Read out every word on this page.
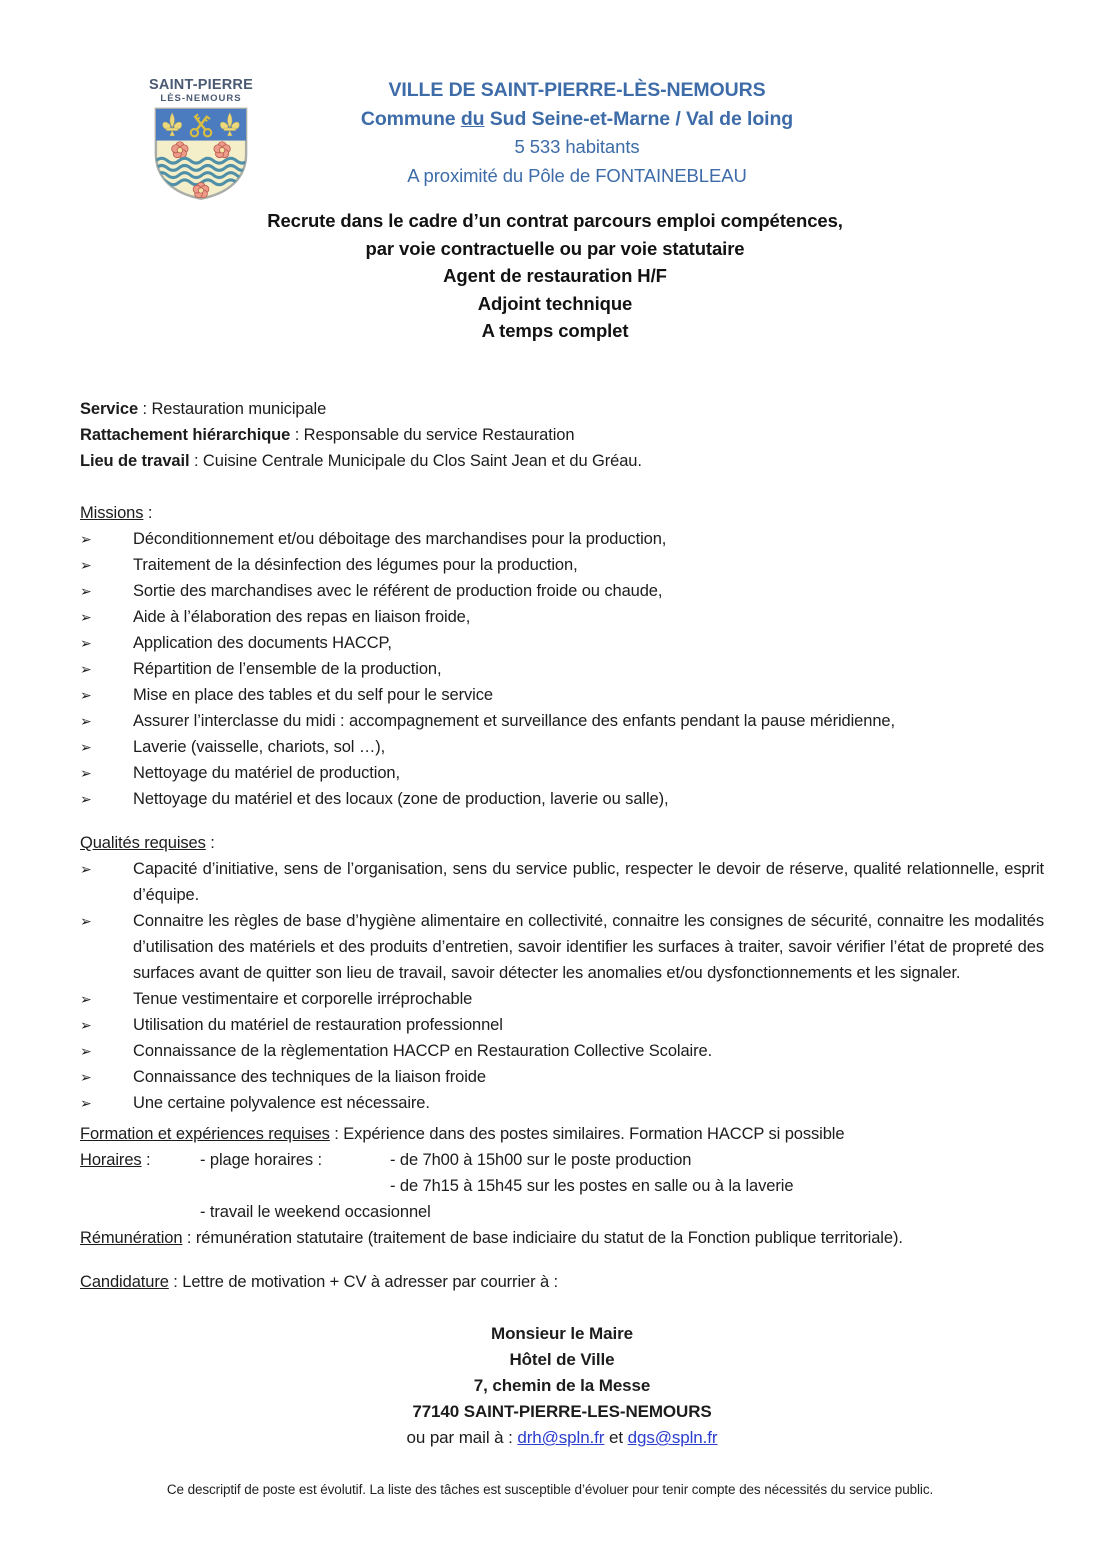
SAINT-PIERRE
LÈS-NEMOURS	VILLE DE SAINT-PIERRE-LÈS-NEMOURS
Commune du Sud Seine-et-Marne / Val de loing
5 533 habitants
A proximité du Pôle de FONTAINEBLEAU
Recrute dans le cadre d’un contrat parcours emploi compétences,
par voie contractuelle ou par voie statutaire
Agent de restauration H/F
Adjoint technique
A temps complet
Service : Restauration municipale
Rattachement hiérarchique : Responsable du service Restauration
Lieu de travail : Cuisine Centrale Municipale du Clos Saint Jean et du Gréau.
Missions :
➢	Déconditionnement et/ou déboitage des marchandises pour la production,
➢	Traitement de la désinfection des légumes pour la production,
➢	Sortie des marchandises avec le référent de production froide ou chaude,
➢	Aide à l’élaboration des repas en liaison froide,
➢	Application des documents HACCP,
➢	Répartition de l’ensemble de la production,
➢	Mise en place des tables et du self pour le service
➢	Assurer l’interclasse du midi : accompagnement et surveillance des enfants pendant la pause méridienne,
➢	Laverie (vaisselle, chariots, sol …),
➢	Nettoyage du matériel de production,
➢	Nettoyage du matériel et des locaux (zone de production, laverie ou salle),
Qualités requises :
➢	Capacité d’initiative, sens de l’organisation, sens du service public, respecter le devoir de réserve, qualité relationnelle, esprit d’équipe.
➢	Connaitre les règles de base d’hygiène alimentaire en collectivité, connaitre les consignes de sécurité, connaitre les modalités d’utilisation des matériels et des produits d’entretien, savoir identifier les surfaces à traiter, savoir vérifier l’état de propreté des surfaces avant de quitter son lieu de travail, savoir détecter les anomalies et/ou dysfonctionnements et les signaler.
➢	Tenue vestimentaire et corporelle irréprochable
➢	Utilisation du matériel de restauration professionnel
➢	Connaissance de la règlementation HACCP en Restauration Collective Scolaire.
➢	Connaissance des techniques de la liaison froide
➢	Une certaine polyvalence est nécessaire.
Formation et expériences requises : Expérience dans des postes similaires. Formation HACCP si possible
Horaires :	- plage horaires :	- de 7h00 à 15h00 sur le poste production
- de 7h15 à 15h45 sur les postes en salle ou à la laverie
- travail le weekend occasionnel
Rémunération : rémunération statutaire (traitement de base indiciaire du statut de la Fonction publique territoriale).
Candidature : Lettre de motivation + CV à adresser par courrier à :
Monsieur le Maire
Hôtel de Ville
7, chemin de la Messe
77140 SAINT-PIERRE-LES-NEMOURS
ou par mail à : drh@spln.fr et dgs@spln.fr
Ce descriptif de poste est évolutif. La liste des tâches est susceptible d’évoluer pour tenir compte des nécessités du service public.
